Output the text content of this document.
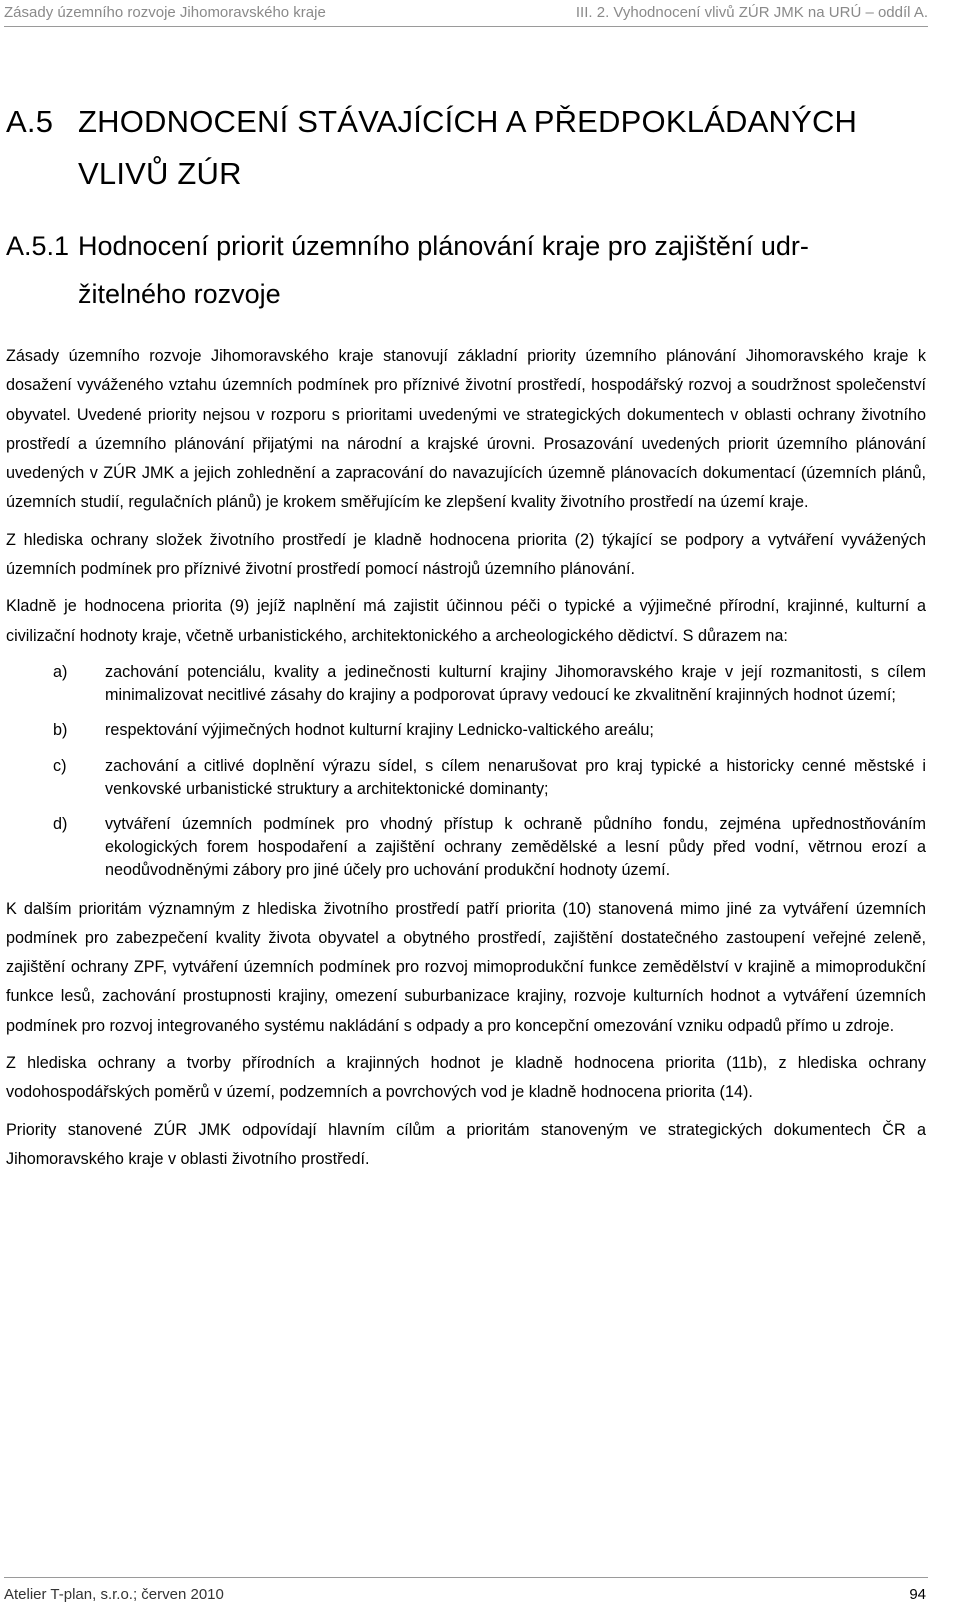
Zásady územního rozvoje Jihomoravského kraje	III. 2. Vyhodnocení vlivů ZÚR JMK na URÚ – oddíl A.
A.5 ZHODNOCENÍ STÁVAJÍCÍCH A PŘEDPOKLÁDANÝCH
VLIVŮ ZÚR
A.5.1 Hodnocení priorit územního plánování kraje pro zajištění udr-
žitelného rozvoje

Zásady územního rozvoje Jihomoravského kraje stanovují základní priority územního plánování Jihomoravského kraje k dosažení vyváženého vztahu územních podmínek pro příznivé životní prostředí, hospodářský rozvoj a soudržnost společenství obyvatel. Uvedené priority nejsou v rozporu s prioritami uvedenými ve strategických dokumentech v oblasti ochrany životního prostředí a územního plánování přijatými na národní a krajské úrovni. Prosazování uvedených priorit územního plánování uvedených v ZÚR JMK a jejich zohlednění a zapracování do navazujících územně plánovacích dokumentací (územních plánů, územních studií, regulačních plánů) je krokem směřujícím ke zlepšení kvality životního prostředí na území kraje.

Z hlediska ochrany složek životního prostředí je kladně hodnocena priorita (2) týkající se podpory a vytváření vyvážených územních podmínek pro příznivé životní prostředí pomocí nástrojů územního plánování.

Kladně je hodnocena priorita (9) jejíž naplnění má zajistit účinnou péči o typické a výjimečné přírodní, krajinné, kulturní a civilizační hodnoty kraje, včetně urbanistického, architektonického a archeologického dědictví. S důrazem na:

a) zachování potenciálu, kvality a jedinečnosti kulturní krajiny Jihomoravského kraje v její rozmanitosti, s cílem minimalizovat necitlivé zásahy do krajiny a podporovat úpravy vedoucí ke zkvalitnění krajinných hodnot území;
b) respektování výjimečných hodnot kulturní krajiny Lednicko-valtického areálu;
c) zachování a citlivé doplnění výrazu sídel, s cílem nenarušovat pro kraj typické a historicky cenné městské i venkovské urbanistické struktury a architektonické dominanty;
d) vytváření územních podmínek pro vhodný přístup k ochraně půdního fondu, zejména upřednostňováním ekologických forem hospodaření a zajištění ochrany zemědělské a lesní půdy před vodní, větrnou erozí a neodůvodněnými zábory pro jiné účely pro uchování produkční hodnoty území.

K dalším prioritám významným z hlediska životního prostředí patří priorita (10) stanovená mimo jiné za vytváření územních podmínek pro zabezpečení kvality života obyvatel a obytného prostředí, zajištění dostatečného zastoupení veřejné zeleně, zajištění ochrany ZPF, vytváření územních podmínek pro rozvoj mimoprodukční funkce zemědělství v krajině a mimoprodukční funkce lesů, zachování prostupnosti krajiny, omezení suburbanizace krajiny, rozvoje kulturních hodnot a vytváření územních podmínek pro rozvoj integrovaného systému nakládání s odpady a pro koncepční omezování vzniku odpadů přímo u zdroje.

Z hlediska ochrany a tvorby přírodních a krajinných hodnot je kladně hodnocena priorita (11b), z hlediska ochrany vodohospodářských poměrů v území, podzemních a povrchových vod je kladně hodnocena priorita (14).

Priority stanovené ZÚR JMK odpovídají hlavním cílům a prioritám stanoveným ve strategických dokumentech ČR a Jihomoravského kraje v oblasti životního prostředí.

Atelier T-plan, s.r.o.; červen 2010	94
